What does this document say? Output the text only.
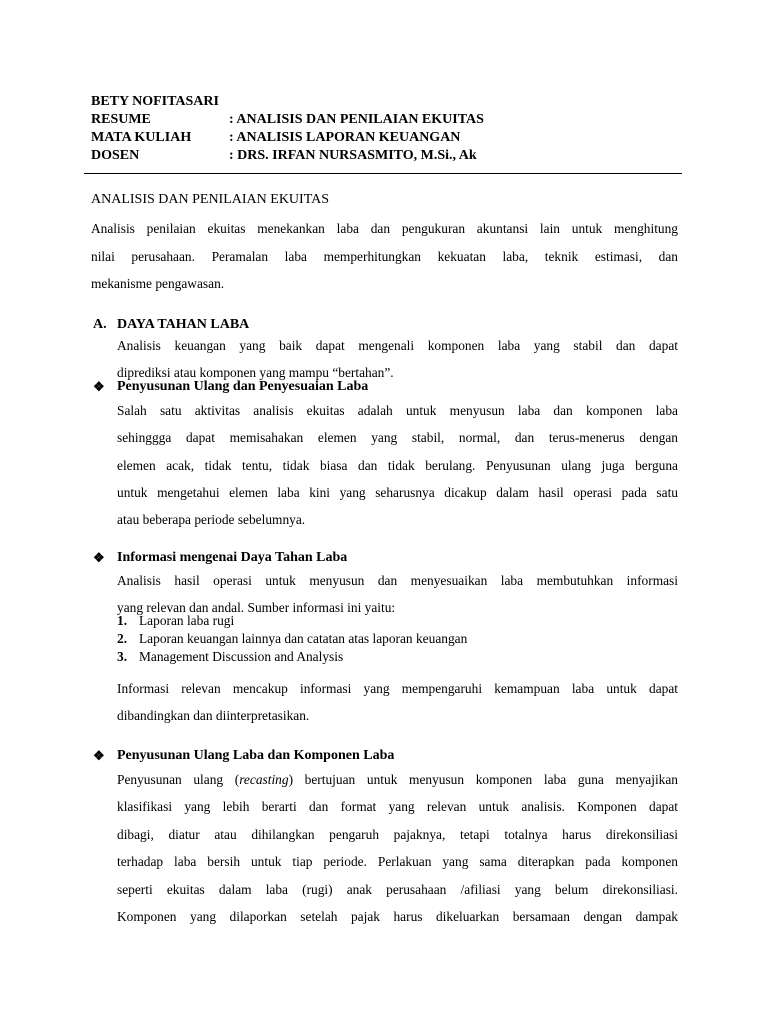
BETY NOFITASARI
RESUME	: ANALISIS DAN PENILAIAN EKUITAS
MATA KULIAH	: ANALISIS LAPORAN KEUANGAN
DOSEN	: DRS. IRFAN NURSASMITO, M.Si., Ak
ANALISIS DAN PENILAIAN EKUITAS
Analisis penilaian ekuitas menekankan laba dan pengukuran akuntansi lain untuk menghitung
nilai perusahaan. Peramalan laba memperhitungkan kekuatan laba, teknik estimasi, dan
mekanisme pengawasan.
A. DAYA TAHAN LABA
Analisis keuangan yang baik dapat mengenali komponen laba yang stabil dan dapat
diprediksi atau komponen yang mampu “bertahan”.
❖ Penyusunan Ulang dan Penyesuaian Laba
Salah satu aktivitas analisis ekuitas adalah untuk menyusun laba dan komponen laba
sehinggga dapat memisahakan elemen yang stabil, normal, dan terus-menerus dengan
elemen acak, tidak tentu, tidak biasa dan tidak berulang. Penyusunan ulang juga berguna
untuk mengetahui elemen laba kini yang seharusnya dicakup dalam hasil operasi pada satu
atau beberapa periode sebelumnya.
❖ Informasi mengenai Daya Tahan Laba
Analisis hasil operasi untuk menyusun dan menyesuaikan laba membutuhkan informasi
yang relevan dan andal. Sumber informasi ini yaitu:
1. Laporan laba rugi
2. Laporan keuangan lainnya dan catatan atas laporan keuangan
3. Management Discussion and Analysis
Informasi relevan mencakup informasi yang mempengaruhi kemampuan laba untuk dapat
dibandingkan dan diinterpretasikan.
❖ Penyusunan Ulang Laba dan Komponen Laba
Penyusunan ulang (recasting) bertujuan untuk menyusun komponen laba guna menyajikan
klasifikasi yang lebih berarti dan format yang relevan untuk analisis. Komponen dapat
dibagi, diatur atau dihilangkan pengaruh pajaknya, tetapi totalnya harus direkonsiliasi
terhadap laba bersih untuk tiap periode. Perlakuan yang sama diterapkan pada komponen
seperti ekuitas dalam laba (rugi) anak perusahaan /afiliasi yang belum direkonsiliasi.
Komponen yang dilaporkan setelah pajak harus dikeluarkan bersamaan dengan dampak
